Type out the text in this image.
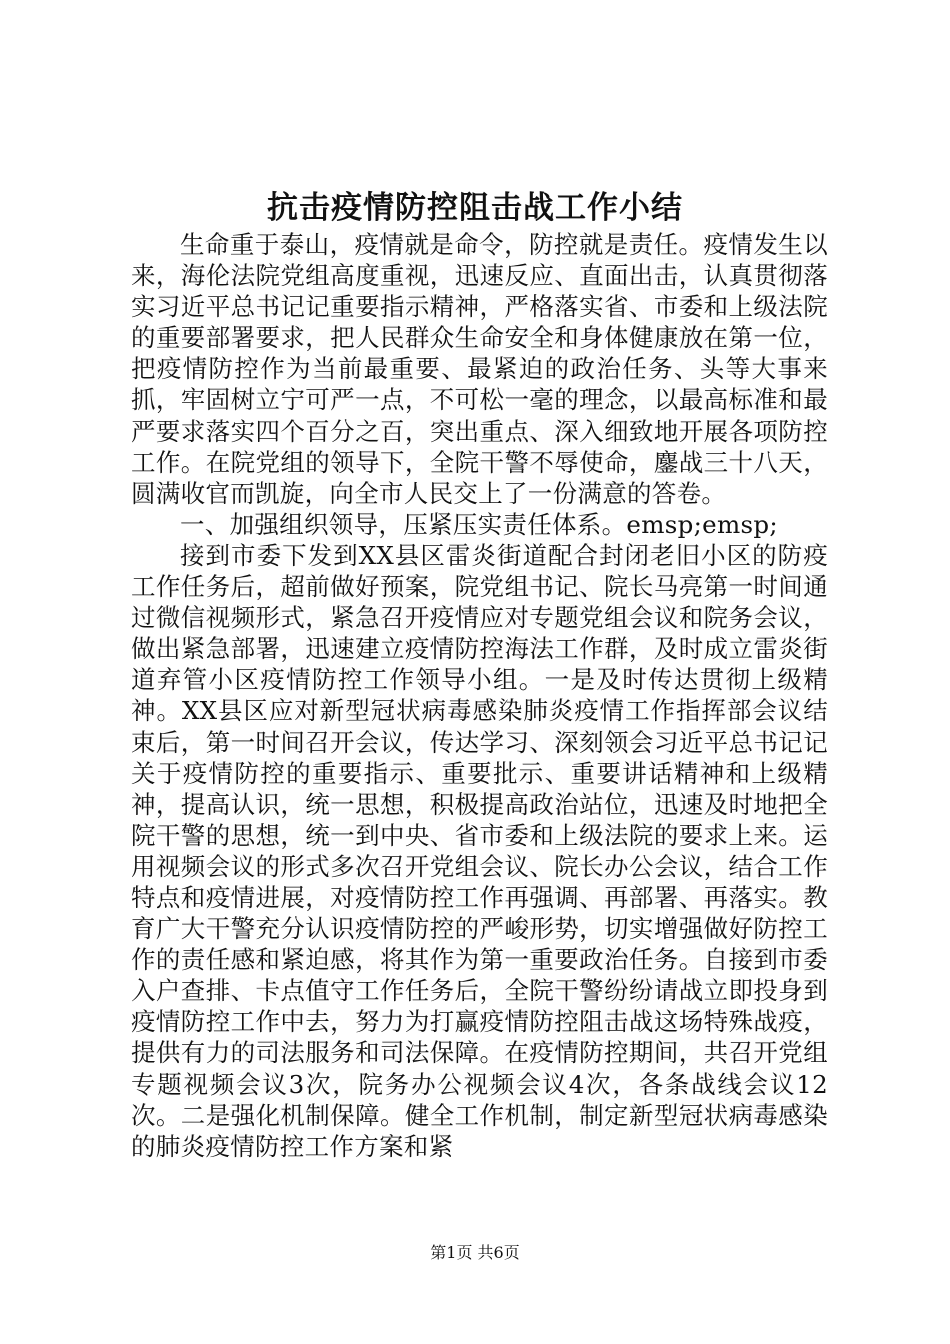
抗击疫情防控阻击战工作小结

生命重于泰山，疫情就是命令，防控就是责任。疫情发生以来，海伦法院党组高度重视，迅速反应、直面出击，认真贯彻落实习近平总书记记重要指示精神，严格落实省、市委和上级法院的重要部署要求，把人民群众生命安全和身体健康放在第一位，把疫情防控作为当前最重要、最紧迫的政治任务、头等大事来抓，牢固树立宁可严一点，不可松一毫的理念，以最高标准和最严要求落实四个百分之百，突出重点、深入细致地开展各项防控工作。在院党组的领导下，全院干警不辱使命，鏖战三十八天，圆满收官而凯旋，向全市人民交上了一份满意的答卷。

一、加强组织领导，压紧压实责任体系。emsp;emsp;

接到市委下发到XX县区雷炎街道配合封闭老旧小区的防疫工作任务后，超前做好预案，院党组书记、院长马亮第一时间通过微信视频形式，紧急召开疫情应对专题党组会议和院务会议，做出紧急部署，迅速建立疫情防控海法工作群，及时成立雷炎街道弃管小区疫情防控工作领导小组。一是及时传达贯彻上级精神。XX县区应对新型冠状病毒感染肺炎疫情工作指挥部会议结束后，第一时间召开会议，传达学习、深刻领会习近平总书记记关于疫情防控的重要指示、重要批示、重要讲话精神和上级精神，提高认识，统一思想，积极提高政治站位，迅速及时地把全院干警的思想，统一到中央、省市委和上级法院的要求上来。运用视频会议的形式多次召开党组会议、院长办公会议，结合工作特点和疫情进展，对疫情防控工作再强调、再部署、再落实。教育广大干警充分认识疫情防控的严峻形势，切实增强做好防控工作的责任感和紧迫感，将其作为第一重要政治任务。自接到市委入户查排、卡点值守工作任务后，全院干警纷纷请战立即投身到疫情防控工作中去，努力为打赢疫情防控阻击战这场特殊战疫，提供有力的司法服务和司法保障。在疫情防控期间，共召开党组专题视频会议3次，院务办公视频会议4次，各条战线会议12次。二是强化机制保障。健全工作机制，制定新型冠状病毒感染的肺炎疫情防控工作方案和紧

第1页 共6页
